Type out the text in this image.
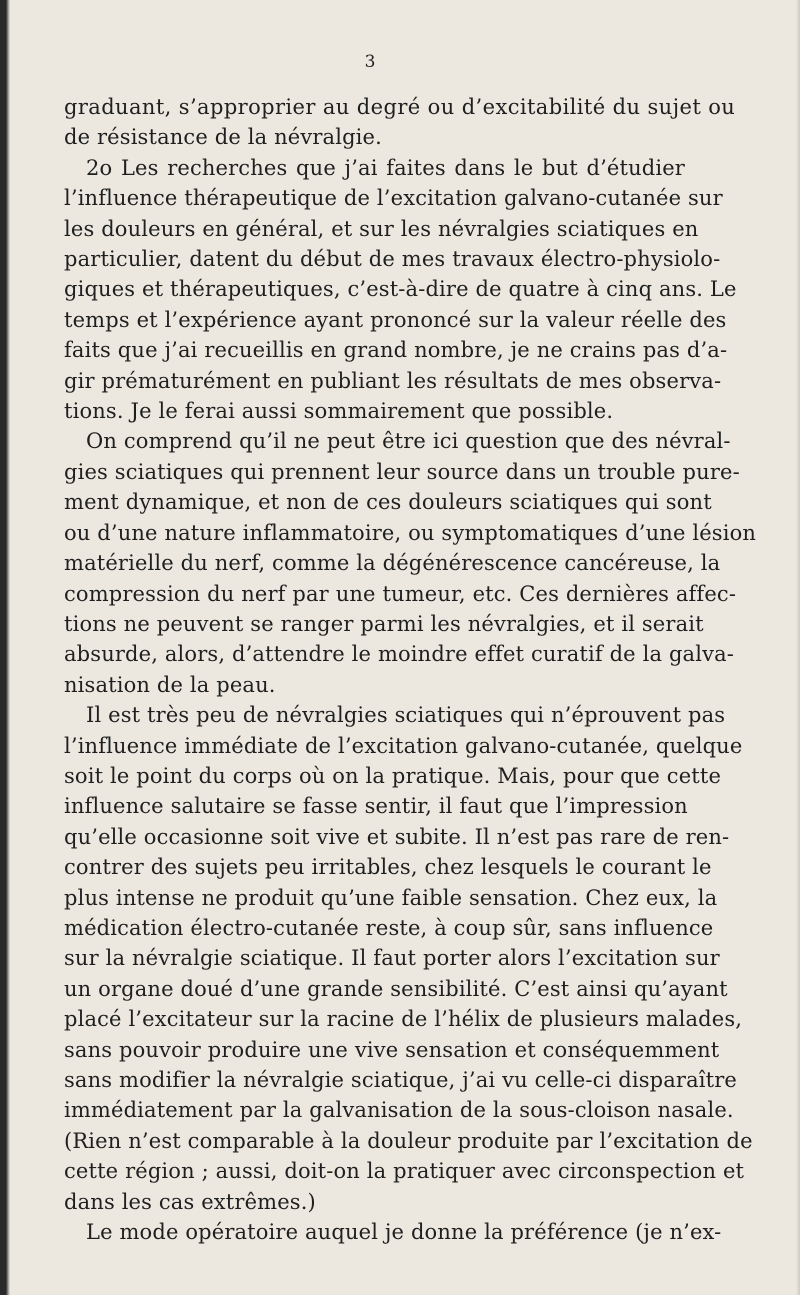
3
graduant, s’approprier au degré ou d’excitabilité du sujet ou
de résistance de la névralgie.
2o Les recherches que j’ai faites dans le but d’étudier
l’influence thérapeutique de l’excitation galvano-cutanée sur
les douleurs en général, et sur les névralgies sciatiques en
particulier, datent du début de mes travaux électro-physiolo-
giques et thérapeutiques, c’est-à-dire de quatre à cinq ans. Le
temps et l’expérience ayant prononcé sur la valeur réelle des
faits que j’ai recueillis en grand nombre, je ne crains pas d’a-
gir prématurément en publiant les résultats de mes observa-
tions. Je le ferai aussi sommairement que possible.
On comprend qu’il ne peut être ici question que des névral-
gies sciatiques qui prennent leur source dans un trouble pure-
ment dynamique, et non de ces douleurs sciatiques qui sont
ou d’une nature inflammatoire, ou symptomatiques d’une lésion
matérielle du nerf, comme la dégénérescence cancéreuse, la
compression du nerf par une tumeur, etc. Ces dernières affec-
tions ne peuvent se ranger parmi les névralgies, et il serait
absurde, alors, d’attendre le moindre effet curatif de la galva-
nisation de la peau.
Il est très peu de névralgies sciatiques qui n’éprouvent pas
l’influence immédiate de l’excitation galvano-cutanée, quelque
soit le point du corps où on la pratique. Mais, pour que cette
influence salutaire se fasse sentir, il faut que l’impression
qu’elle occasionne soit vive et subite. Il n’est pas rare de ren-
contrer des sujets peu irritables, chez lesquels le courant le
plus intense ne produit qu’une faible sensation. Chez eux, la
médication électro-cutanée reste, à coup sûr, sans influence
sur la névralgie sciatique. Il faut porter alors l’excitation sur
un organe doué d’une grande sensibilité. C’est ainsi qu’ayant
placé l’excitateur sur la racine de l’hélix de plusieurs malades,
sans pouvoir produire une vive sensation et conséquemment
sans modifier la névralgie sciatique, j’ai vu celle-ci disparaître
immédiatement par la galvanisation de la sous-cloison nasale.
(Rien n’est comparable à la douleur produite par l’excitation de
cette région ; aussi, doit-on la pratiquer avec circonspection et
dans les cas extrêmes.)
Le mode opératoire auquel je donne la préférence (je n’ex-
